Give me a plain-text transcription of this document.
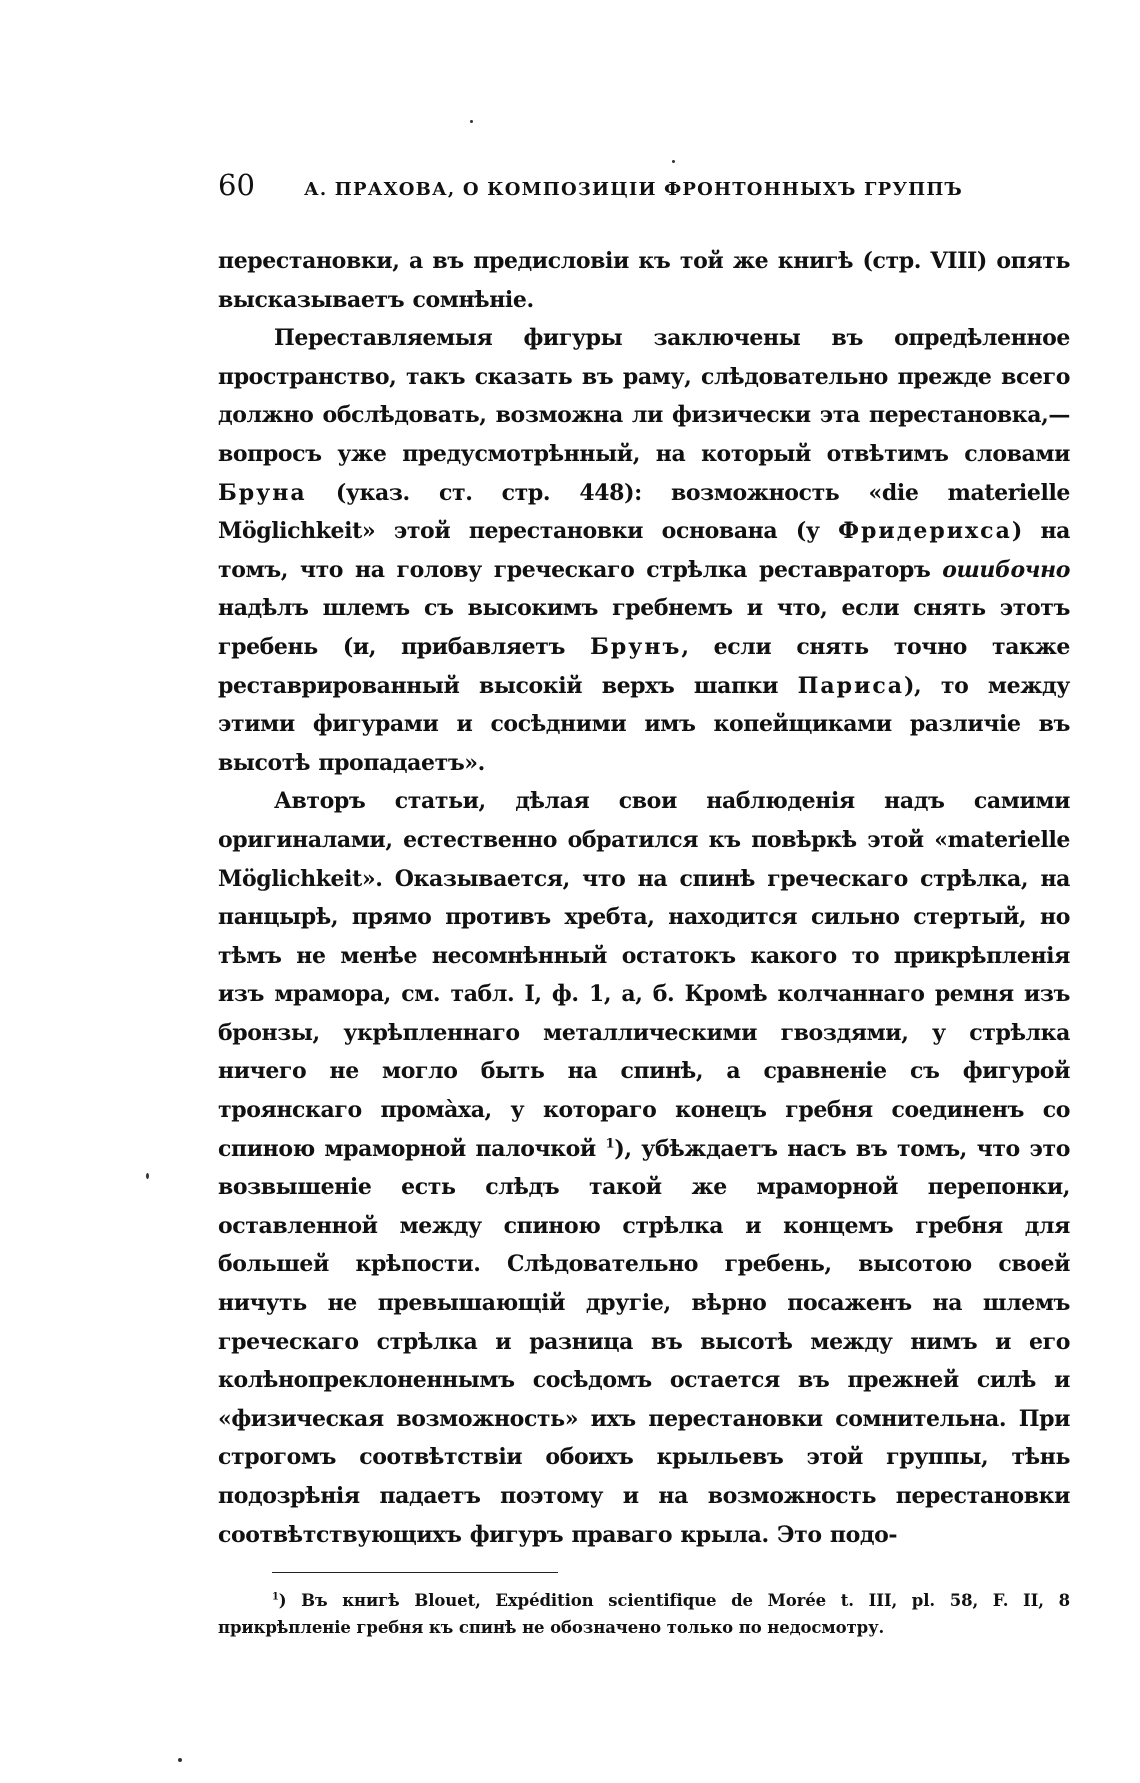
60	А. ПРАХОВА, О КОМПОЗИЦІИ ФРОНТОННЫХЪ ГРУППЪ

перестановки, а въ предисловіи къ той же книгѣ (стр. VIII) опять высказываетъ сомнѣніе.

Переставляемыя фигуры заключены въ опредѣленное пространство, такъ сказать въ раму, слѣдовательно прежде всего должно обслѣдовать, возможна ли физически эта перестановка,— вопросъ уже предусмотрѣнный, на который отвѣтимъ словами Бруна (указ. ст. стр. 448): возможность «die materielle Möglichkeit» этой перестановки основана (у Фридерихса) на томъ, что на голову греческаго стрѣлка реставраторъ ошибочно надѣлъ шлемъ съ высокимъ гребнемъ и что, если снять этотъ гребень (и, прибавляетъ Брунъ, если снять точно также реставрированный высокій верхъ шапки Париса), то между этими фигурами и сосѣдними имъ копейщиками различіе въ высотѣ пропадаетъ».

Авторъ статьи, дѣлая свои наблюденія надъ самими оригиналами, естественно обратился къ повѣркѣ этой «materielle Möglichkeit». Оказывается, что на спинѣ греческаго стрѣлка, на панцырѣ, прямо противъ хребта, находится сильно стертый, но тѣмъ не менѣе несомнѣнный остатокъ какого то прикрѣпленія изъ мрамора, см. табл. I, ф. 1, а, б. Кромѣ колчаннаго ремня изъ бронзы, укрѣпленнаго металлическими гвоздями, у стрѣлка ничего не могло быть на спинѣ, а сравненіе съ фигурой троянскаго промàха, у котораго конецъ гребня соединенъ со спиною мраморной палочкой $^1$), убѣждаетъ насъ въ томъ, что это возвышеніе есть слѣдъ такой же мраморной перепонки, оставленной между спиною стрѣлка и концемъ гребня для большей крѣпости. Слѣдовательно гребень, высотою своей ничуть не превышающій другіе, вѣрно посаженъ на шлемъ греческаго стрѣлка и разница въ высотѣ между нимъ и его колѣнопреклоненнымъ сосѣдомъ остается въ прежней силѣ и «физическая возможность» ихъ перестановки сомнительна. При строгомъ соотвѣтствіи обоихъ крыльевъ этой группы, тѣнь подозрѣнія падаетъ поэтому и на возможность перестановки соотвѣтствующихъ фигуръ праваго крыла. Это подо-

$^1$) Въ книгѣ Blouet, Expédition scientifique de Morée t. III, pl. 58, F. II, 8 прикрѣпленіе гребня къ спинѣ не обозначено только по недосмотру.
